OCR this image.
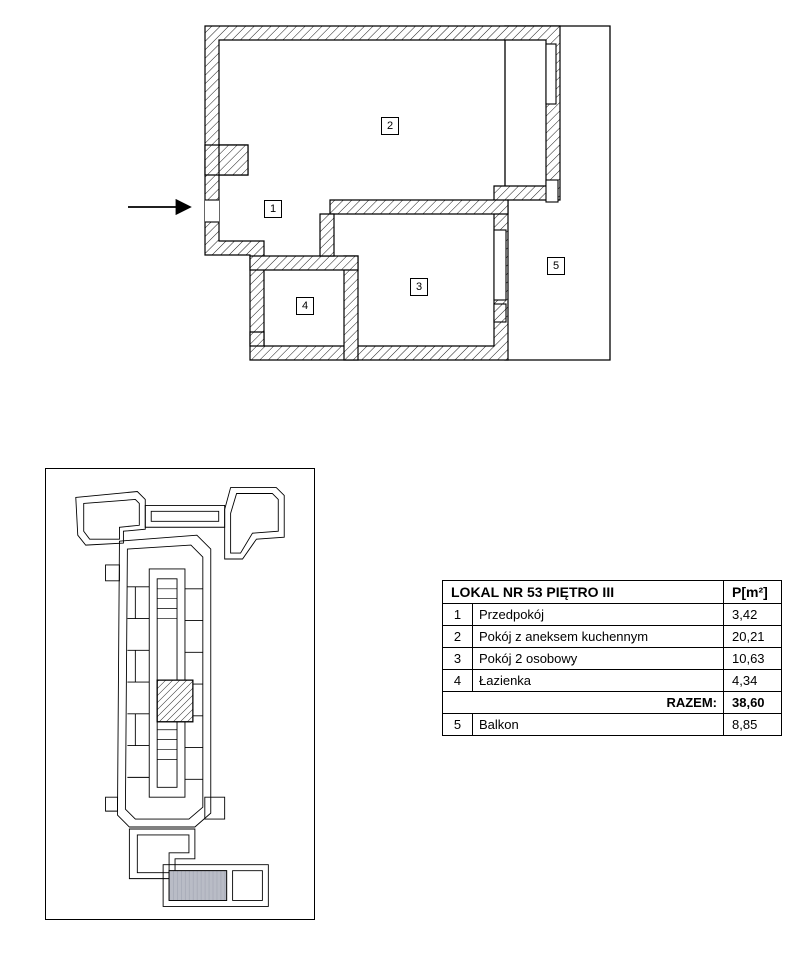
1
2
3
4
5
LOKAL NR 53 PIĘTRO III		P[m²]
1	Przedpokój	3,42
2	Pokój z aneksem kuchennym	20,21
3	Pokój 2 osobowy	10,63
4	Łazienka	4,34
RAZEM:		38,60
5	Balkon	8,85
